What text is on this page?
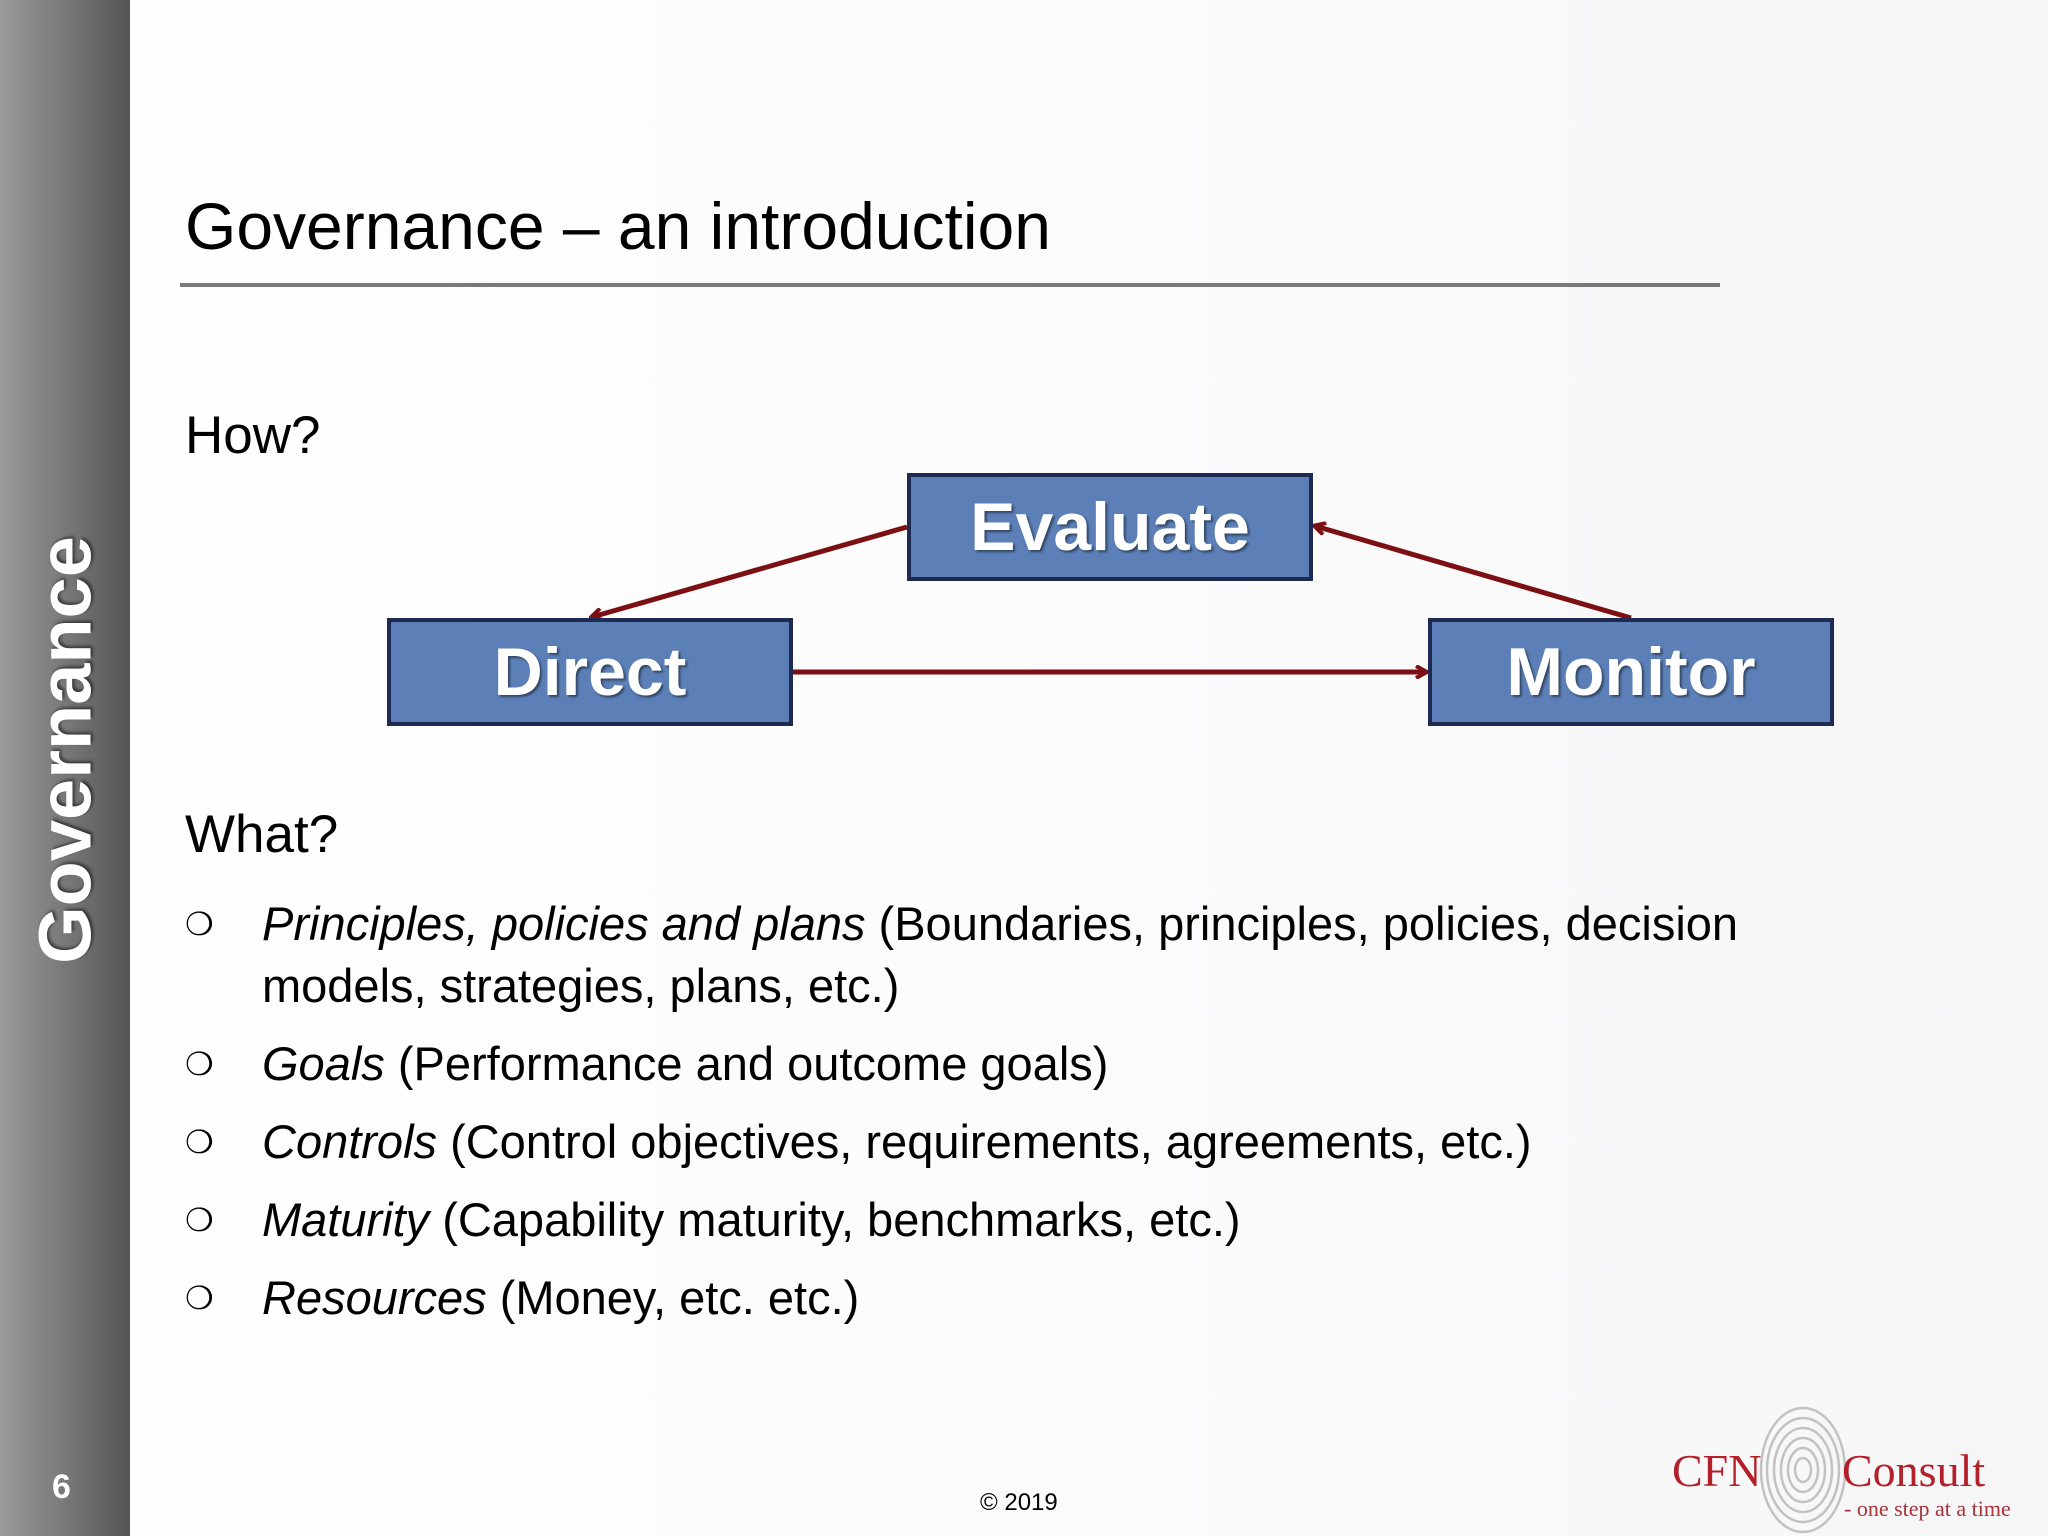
Governance
6
Governance – an introduction
How?
Evaluate
Direct	Monitor
What?
❍ Principles, policies and plans (Boundaries, principles, policies, decision models, strategies, plans, etc.)
❍ Goals (Performance and outcome goals)
❍ Controls (Control objectives, requirements, agreements, etc.)
❍ Maturity (Capability maturity, benchmarks, etc.)
❍ Resources (Money, etc. etc.)
© 2019
CFN Consult
- one step at a time
